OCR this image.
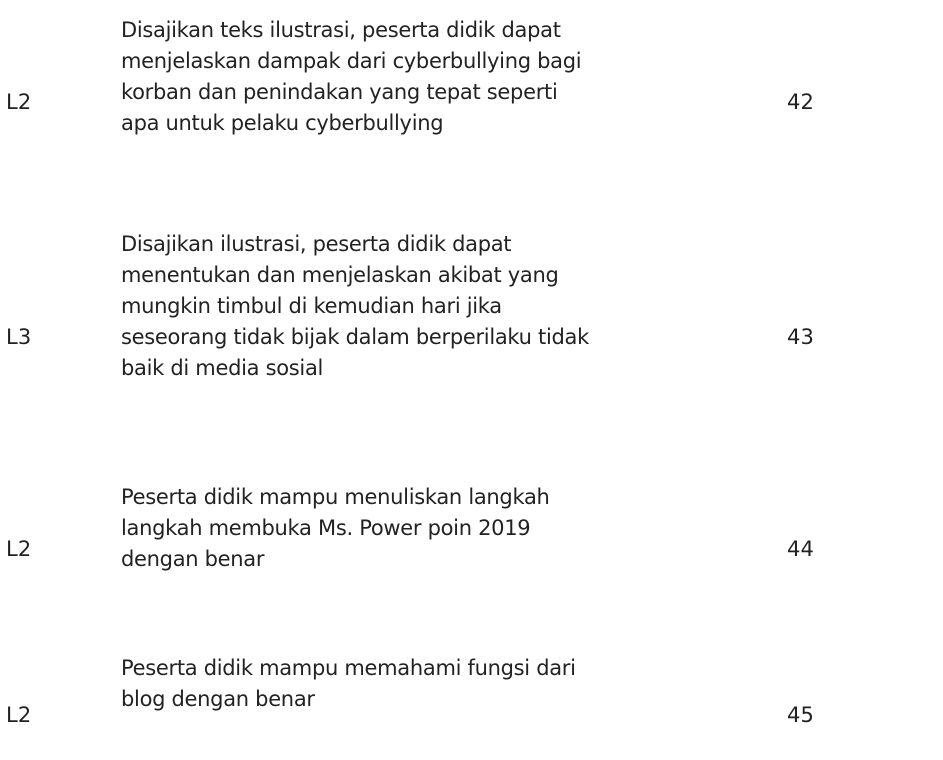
L2
Disajikan teks ilustrasi, peserta didik dapat
menjelaskan dampak dari cyberbullying bagi
korban dan penindakan yang tepat seperti
apa untuk pelaku cyberbullying
42
L3
Disajikan ilustrasi, peserta didik dapat
menentukan dan menjelaskan akibat yang
mungkin timbul di kemudian hari jika
seseorang tidak bijak dalam berperilaku tidak
baik di media sosial
43
L2
Peserta didik mampu menuliskan langkah
langkah membuka Ms. Power poin 2019
dengan benar	44
L2
Peserta didik mampu memahami fungsi dari
blog dengan benar
45
